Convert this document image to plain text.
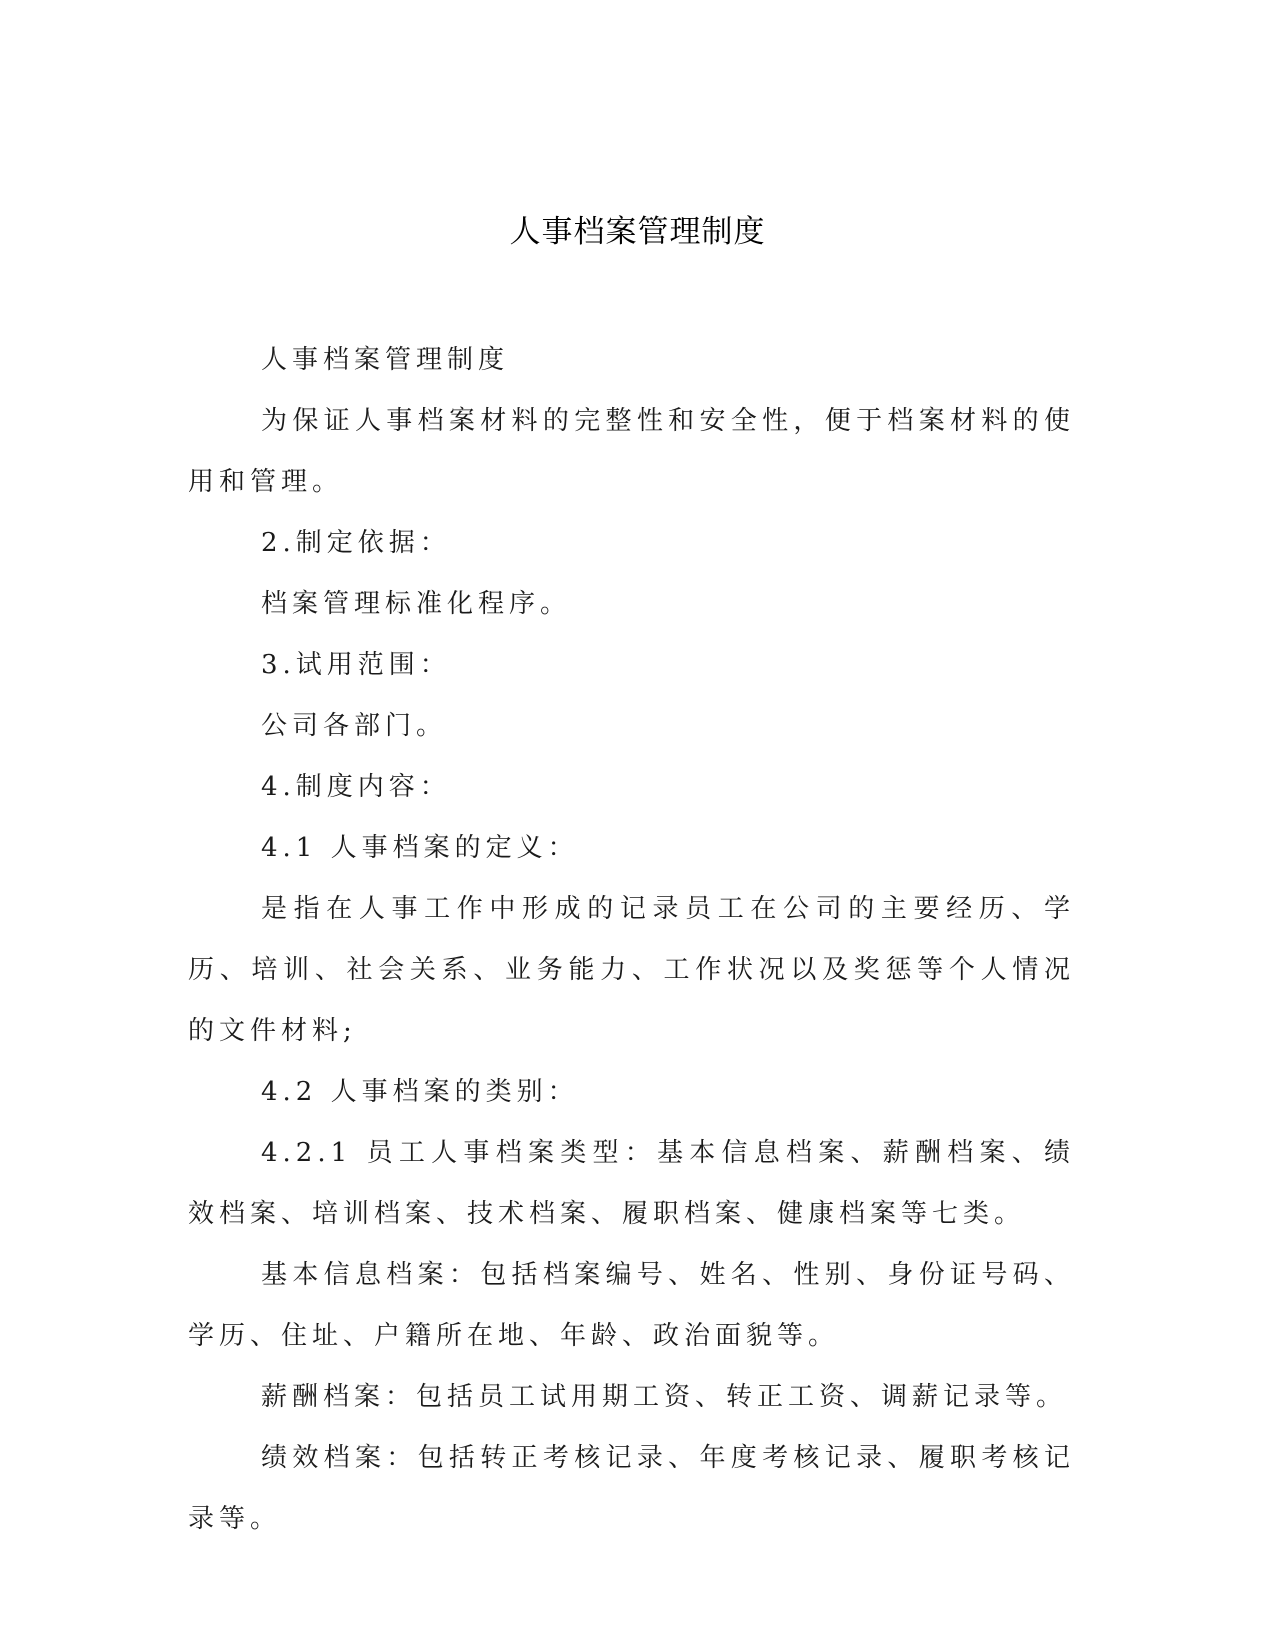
人事档案管理制度

人事档案管理制度

为保证人事档案材料的完整性和安全性，便于档案材料的使用和管理。

2.制定依据：

档案管理标准化程序。

3.试用范围：

公司各部门。

4.制度内容：

4.1 人事档案的定义：

是指在人事工作中形成的记录员工在公司的主要经历、学历、培训、社会关系、业务能力、工作状况以及奖惩等个人情况的文件材料;

4.2 人事档案的类别：

4.2.1 员工人事档案类型：基本信息档案、薪酬档案、绩效档案、培训档案、技术档案、履职档案、健康档案等七类。

基本信息档案：包括档案编号、姓名、性别、身份证号码、学历、住址、户籍所在地、年龄、政治面貌等。

薪酬档案：包括员工试用期工资、转正工资、调薪记录等。

绩效档案：包括转正考核记录、年度考核记录、履职考核记录等。
